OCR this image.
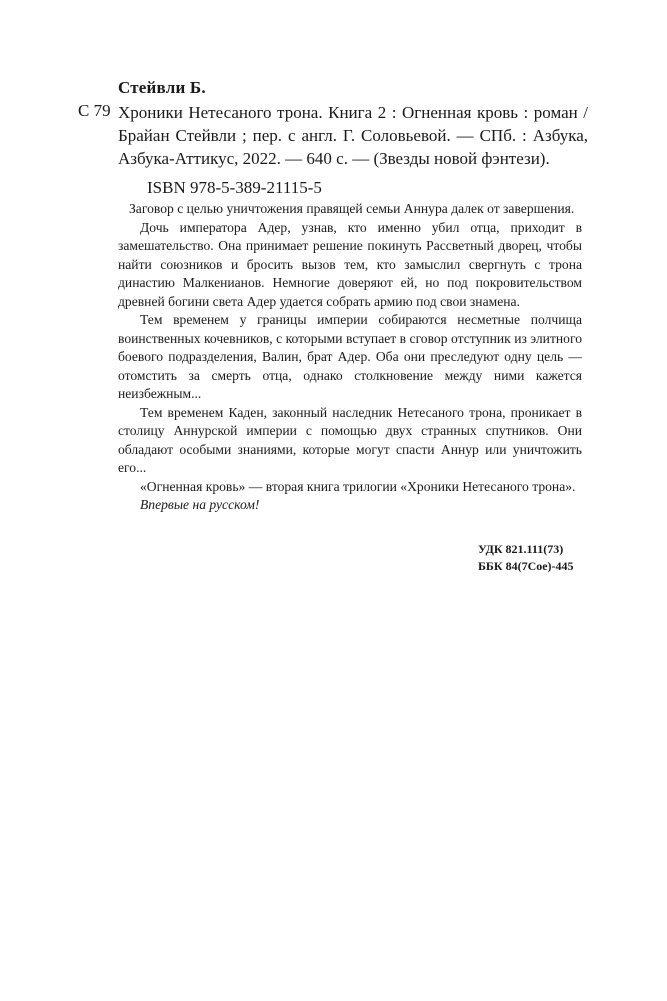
Стейвли Б.
С 79 Хроники Нетесаного трона. Книга 2 : Огненная кровь : роман / Брайан Стейвли ; пер. с англ. Г. Соловьевой. — СПб. : Азбука, Азбука-Аттикус, 2022. — 640 с. — (Звезды новой фэнтези).
ISBN 978-5-389-21115-5

Заговор с целью уничтожения правящей семьи Аннура далек от завершения.

Дочь императора Адер, узнав, кто именно убил отца, приходит в замешательство. Она принимает решение покинуть Рассветный дворец, чтобы найти союзников и бросить вызов тем, кто замыслил свергнуть с трона династию Малкенианов. Немногие доверяют ей, но под покровительством древней богини света Адер удается собрать армию под свои знамена.

Тем временем у границы империи собираются несметные полчища воинственных кочевников, с которыми вступает в сговор отступник из элитного боевого подразделения, Валин, брат Адер. Оба они преследуют одну цель — отомстить за смерть отца, однако столкновение между ними кажется неизбежным...

Тем временем Каден, законный наследник Нетесаного трона, проникает в столицу Аннурской империи с помощью двух странных спутников. Они обладают особыми знаниями, которые могут спасти Аннур или уничтожить его...

«Огненная кровь» — вторая книга трилогии «Хроники Нетесаного трона».

Впервые на русском!

УДК 821.111(73)
ББК 84(7Сое)-445
